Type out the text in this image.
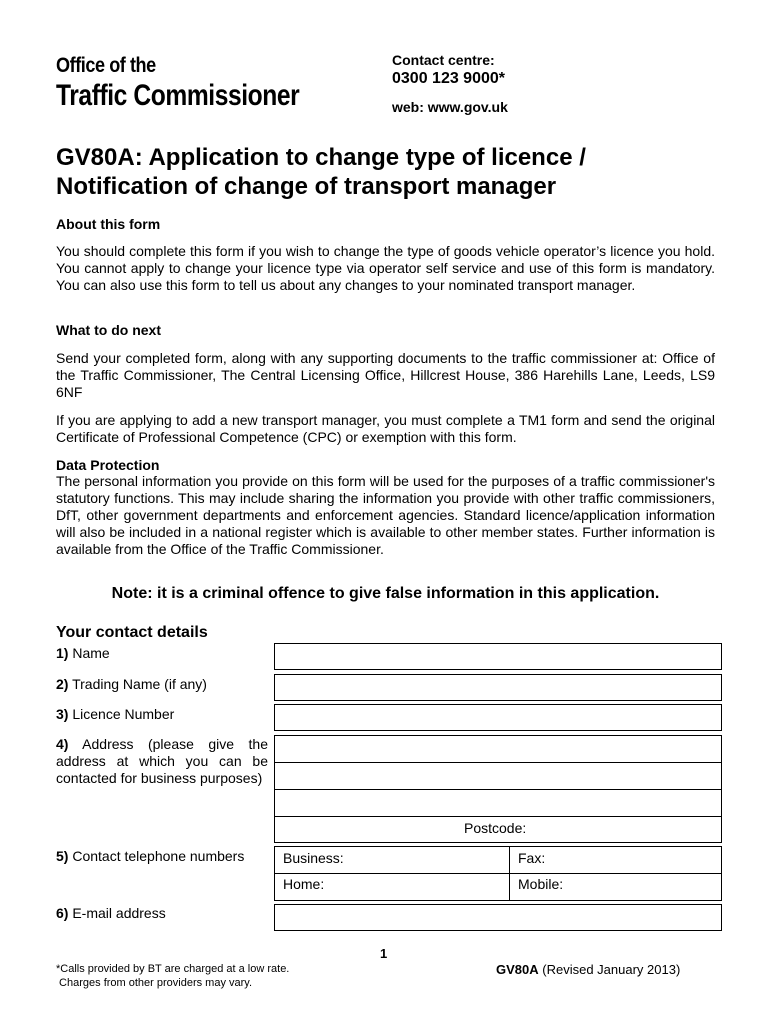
Office of the
Traffic Commissioner
Contact centre:
0300 123 9000*
web: www.gov.uk
GV80A: Application to change type of licence /
Notification of change of transport manager
About this form
You should complete this form if you wish to change the type of goods vehicle operator’s licence you hold. You cannot apply to change your licence type via operator self service and use of this form is mandatory. You can also use this form to tell us about any changes to your nominated transport manager.
What to do next
Send your completed form, along with any supporting documents to the traffic commissioner at: Office of the Traffic Commissioner, The Central Licensing Office, Hillcrest House, 386 Harehills Lane, Leeds, LS9 6NF
If you are applying to add a new transport manager, you must complete a TM1 form and send the original Certificate of Professional Competence (CPC) or exemption with this form.
Data Protection
The personal information you provide on this form will be used for the purposes of a traffic commissioner's statutory functions. This may include sharing the information you provide with other traffic commissioners, DfT, other government departments and enforcement agencies. Standard licence/application information will also be included in a national register which is available to other member states. Further information is available from the Office of the Traffic Commissioner.
Note: it is a criminal offence to give false information in this application.
Your contact details
1) Name
2) Trading Name (if any)
3) Licence Number
4) Address (please give the address at which you can be contacted for business purposes)
Postcode:
5) Contact telephone numbers	Business:	Fax:
Home:	Mobile:
6) E-mail address
1
*Calls provided by BT are charged at a low rate.
Charges from other providers may vary.
GV80A (Revised January 2013)
